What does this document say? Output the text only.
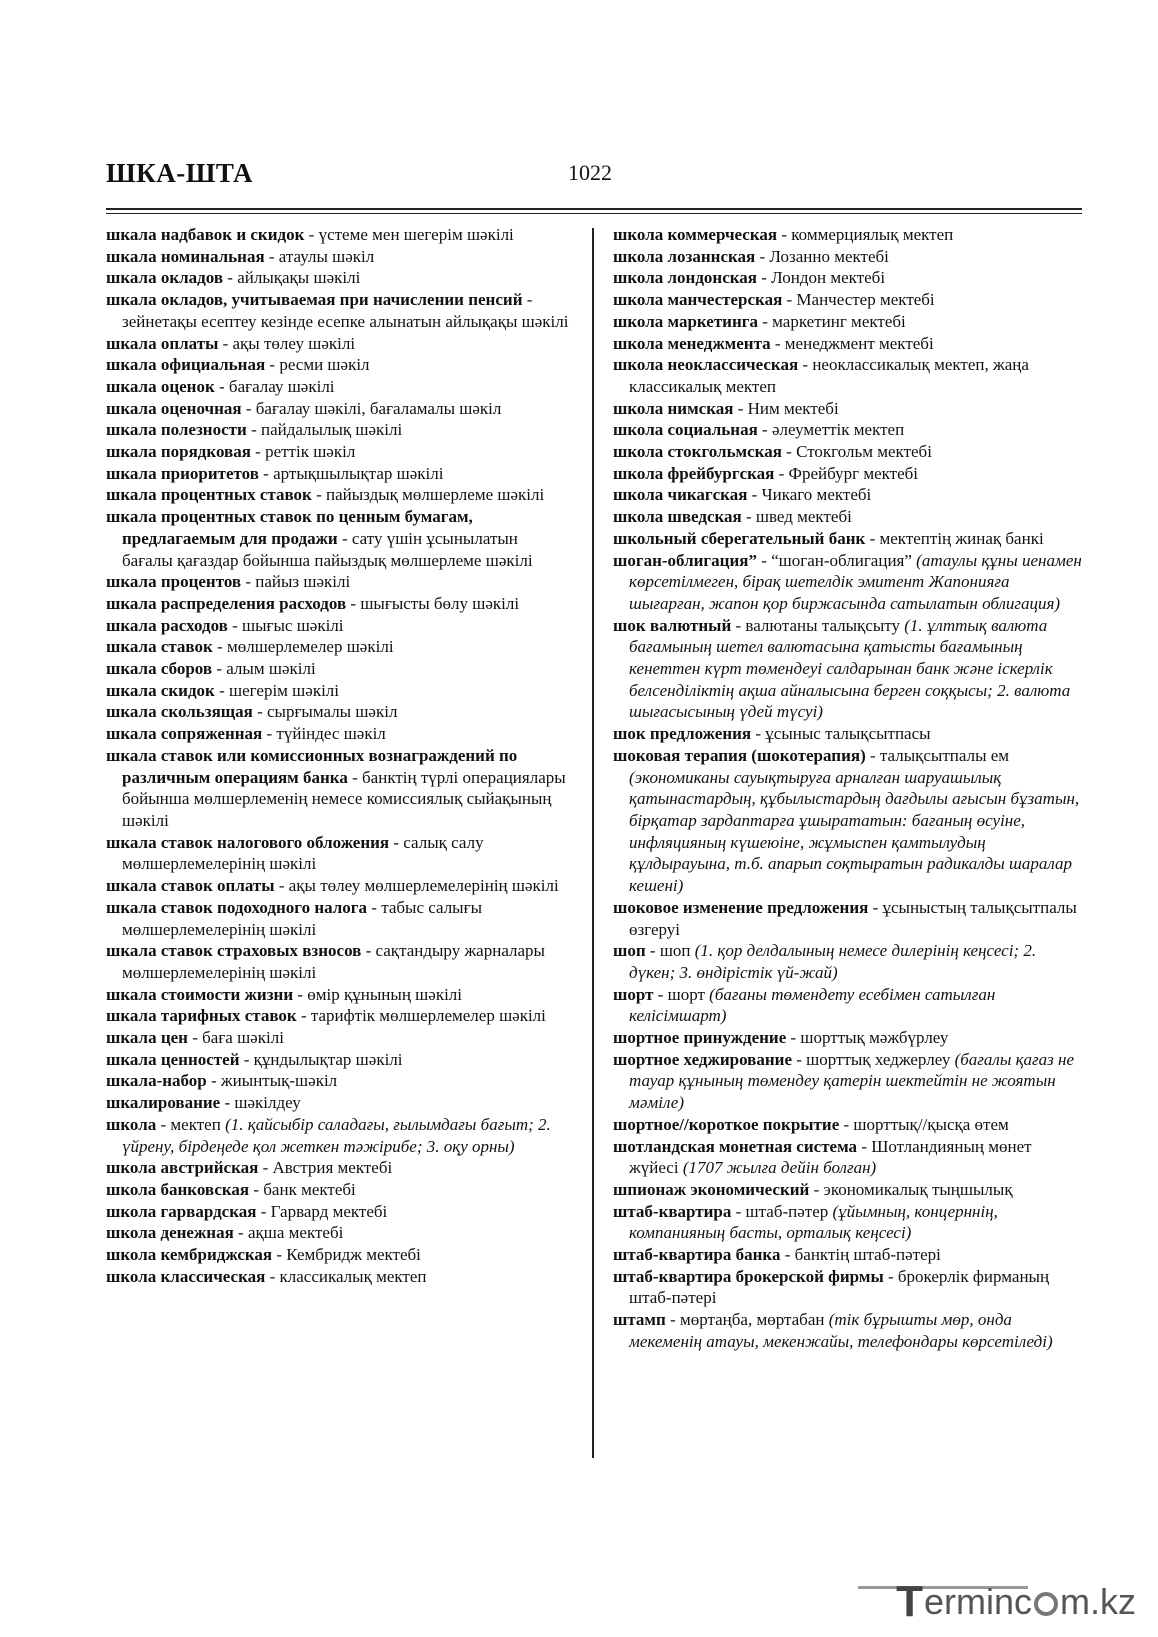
ШКА-ШТА	1022

шкала надбавок и скидок - үстеме мен шегерім шәкілі

шкала номинальная - атаулы шәкіл

шкала окладов - айлықақы шәкілі

шкала окладов, учитываемая при начислении пенсий - зейнетақы есептеу кезінде есепке алынатын айлықақы шәкілі

шкала оплаты - ақы төлеу шәкілі

шкала официальная - ресми шәкіл

шкала оценок - бағалау шәкілі

шкала оценочная - бағалау шәкілі, бағаламалы шәкіл

шкала полезности - пайдалылық шәкілі

шкала порядковая - реттік шәкіл

шкала приоритетов - артықшылықтар шәкілі

шкала процентных ставок - пайыздық мөлшерлеме шәкілі

шкала процентных ставок по ценным бумагам, предлагаемым для продажи - сату үшін ұсынылатын бағалы қағаздар бойынша пайыздық мөлшерлеме шәкілі

шкала процентов - пайыз шәкілі

шкала распределения расходов - шығысты бөлу шәкілі

шкала расходов - шығыс шәкілі

шкала ставок - мөлшерлемелер шәкілі

шкала сборов - алым шәкілі

шкала скидок - шегерім шәкілі

шкала скользящая - сырғымалы шәкіл

шкала сопряженная - түйіндес шәкіл

шкала ставок или комиссионных вознаграждений по различным операциям банка - банктің түрлі операциялары бойынша мөлшерлеменің немесе комиссиялық сыйақының шәкілі

шкала ставок налогового обложения - салық салу мөлшерлемелерінің шәкілі

шкала ставок оплаты - ақы төлеу мөлшерлемелерінің шәкілі

шкала ставок подоходного налога - табыс салығы мөлшерлемелерінің шәкілі

шкала ставок страховых взносов - сақтандыру жарналары мөлшерлемелерінің шәкілі

шкала стоимости жизни - өмір құнының шәкілі

шкала тарифных ставок - тарифтік мөлшерлемелер шәкілі

шкала цен - баға шәкілі

шкала ценностей - құндылықтар шәкілі

шкала-набор - жиынтық-шәкіл

шкалирование - шәкілдеу

школа - мектеп (1. қайсыбір саладағы, ғылымдағы бағыт; 2. үйрену, бірдеңеде қол жеткен тәжірибе; 3. оқу орны)

школа австрийская - Австрия мектебі

школа банковская - банк мектебі

школа гарвардская - Гарвард мектебі

школа денежная - ақша мектебі

школа кембриджская - Кембридж мектебі

школа классическая - классикалық мектеп

школа коммерческая - коммерциялық мектеп

школа лозаннская - Лозанно мектебі

школа лондонская - Лондон мектебі

школа манчестерская - Манчестер мектебі

школа маркетинга - маркетинг мектебі

школа менеджмента - менеджмент мектебі

школа неоклассическая - неоклассикалық мектеп, жаңа классикалық мектеп

школа нимская - Ним мектебі

школа социальная - әлеуметтік мектеп

школа стокгольмская - Стокгольм мектебі

школа фрейбургская - Фрейбург мектебі

школа чикагская - Чикаго мектебі

школа шведская - швед мектебі

школьный сберегательный банк - мектептің жинақ банкі

шоган-облигация” - “шоган-облигация” (атаулы құны иенамен көрсетілмеген, бірақ шетелдік эмитент Жапонияға шығарған, жапон қор биржасында сатылатын облигация)

шок валютный - валютаны талықсыту (1. ұлттық валюта бағамының шетел валютасына қатысты бағамының кенеттен күрт төмендеуі салдарынан банк және іскерлік белсенділіктің ақша айналысына берген соққысы; 2. валюта шығасысының үдей түсуі)

шок предложения - ұсыныс талықсытпасы

шоковая терапия (шокотерапия) - талықсытпалы ем (экономиканы сауықтыруға арналған шаруашылық қатынастардың, құбылыстардың дағдылы ағысын бұзатын, бірқатар зардаптарға ұшырататын: бағаның өсуіне, инфляцияның күшеюіне, жұмыспен қамтылудың құлдырауына, т.б. апарып соқтыратын радикалды шаралар кешені)

шоковое изменение предложения - ұсыныстың талықсытпалы өзгеруі

шоп - шоп (1. қор делдалының немесе дилерінің кеңсесі; 2. дүкен; 3. өндірістік үй-жай)

шорт - шорт (бағаны төмендету есебімен сатылған келісімшарт)

шортное принуждение - шорттық мәжбүрлеу

шортное хеджирование - шорттық хеджерлеу (бағалы қағаз не тауар құнының төмендеу қатерін шектейтін не жоятын мәміле)

шортное//короткое покрытие - шорттық//қысқа өтем

шотландская монетная система - Шотландияның мөнет жүйесі (1707 жылға дейін болған)

шпионаж экономический - экономикалық тыңшылық

штаб-квартира - штаб-пәтер (ұйымның, концерннің, компанияның басты, орталық кеңсесі)

штаб-квартира банка - банктің штаб-пәтері

штаб-квартира брокерской фирмы - брокерлік фирманың штаб-пәтері

штамп - мөртаңба, мөртабан (тік бұрышты мөр, онда мекеменің атауы, мекенжайы, телефондары көрсетіледі)

T erminc m.kz
